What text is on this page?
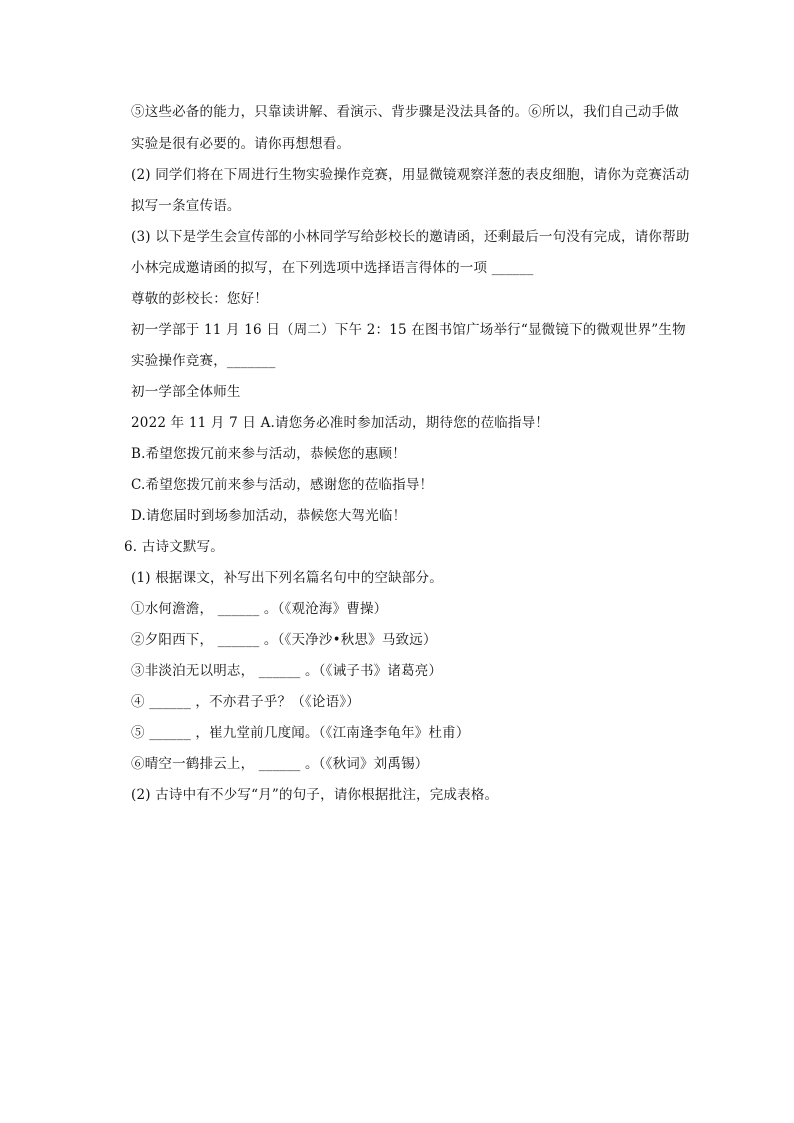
⑤这些必备的能力，只靠读讲解、看演示、背步骤是没法具备的。⑥所以，我们自己动手做
实验是很有必要的。请你再想想看。
(2) 同学们将在下周进行生物实验操作竞赛，用显微镜观察洋葱的表皮细胞，请你为竞赛活动
拟写一条宣传语。
(3) 以下是学生会宣传部的小林同学写给彭校长的邀请函，还剩最后一句没有完成，请你帮助
小林完成邀请函的拟写，在下列选项中选择语言得体的一项 ______
尊敬的彭校长：您好！
初一学部于 11 月 16 日（周二）下午 2：15 在图书馆广场举行“显微镜下的微观世界”生物
实验操作竞赛，_______
初一学部全体师生
2022 年 11 月 7 日 A.请您务必准时参加活动，期待您的莅临指导！
B.希望您拨冗前来参与活动，恭候您的惠顾！
C.希望您拨冗前来参与活动，感谢您的莅临指导！
D.请您届时到场参加活动，恭候您大驾光临！
6. 古诗文默写。
(1) 根据课文，补写出下列名篇名句中的空缺部分。
①水何澹澹， ______ 。（《观沧海》曹操）
②夕阳西下， ______ 。（《天净沙•秋思》马致远）
③非淡泊无以明志， ______ 。（《诫子书》诸葛亮）
④ ______ ，不亦君子乎？（《论语》）
⑤ ______ ，崔九堂前几度闻。（《江南逢李龟年》杜甫）
⑥晴空一鹤排云上， ______ 。（《秋词》刘禹锡）
(2) 古诗中有不少写“月”的句子，请你根据批注，完成表格。
